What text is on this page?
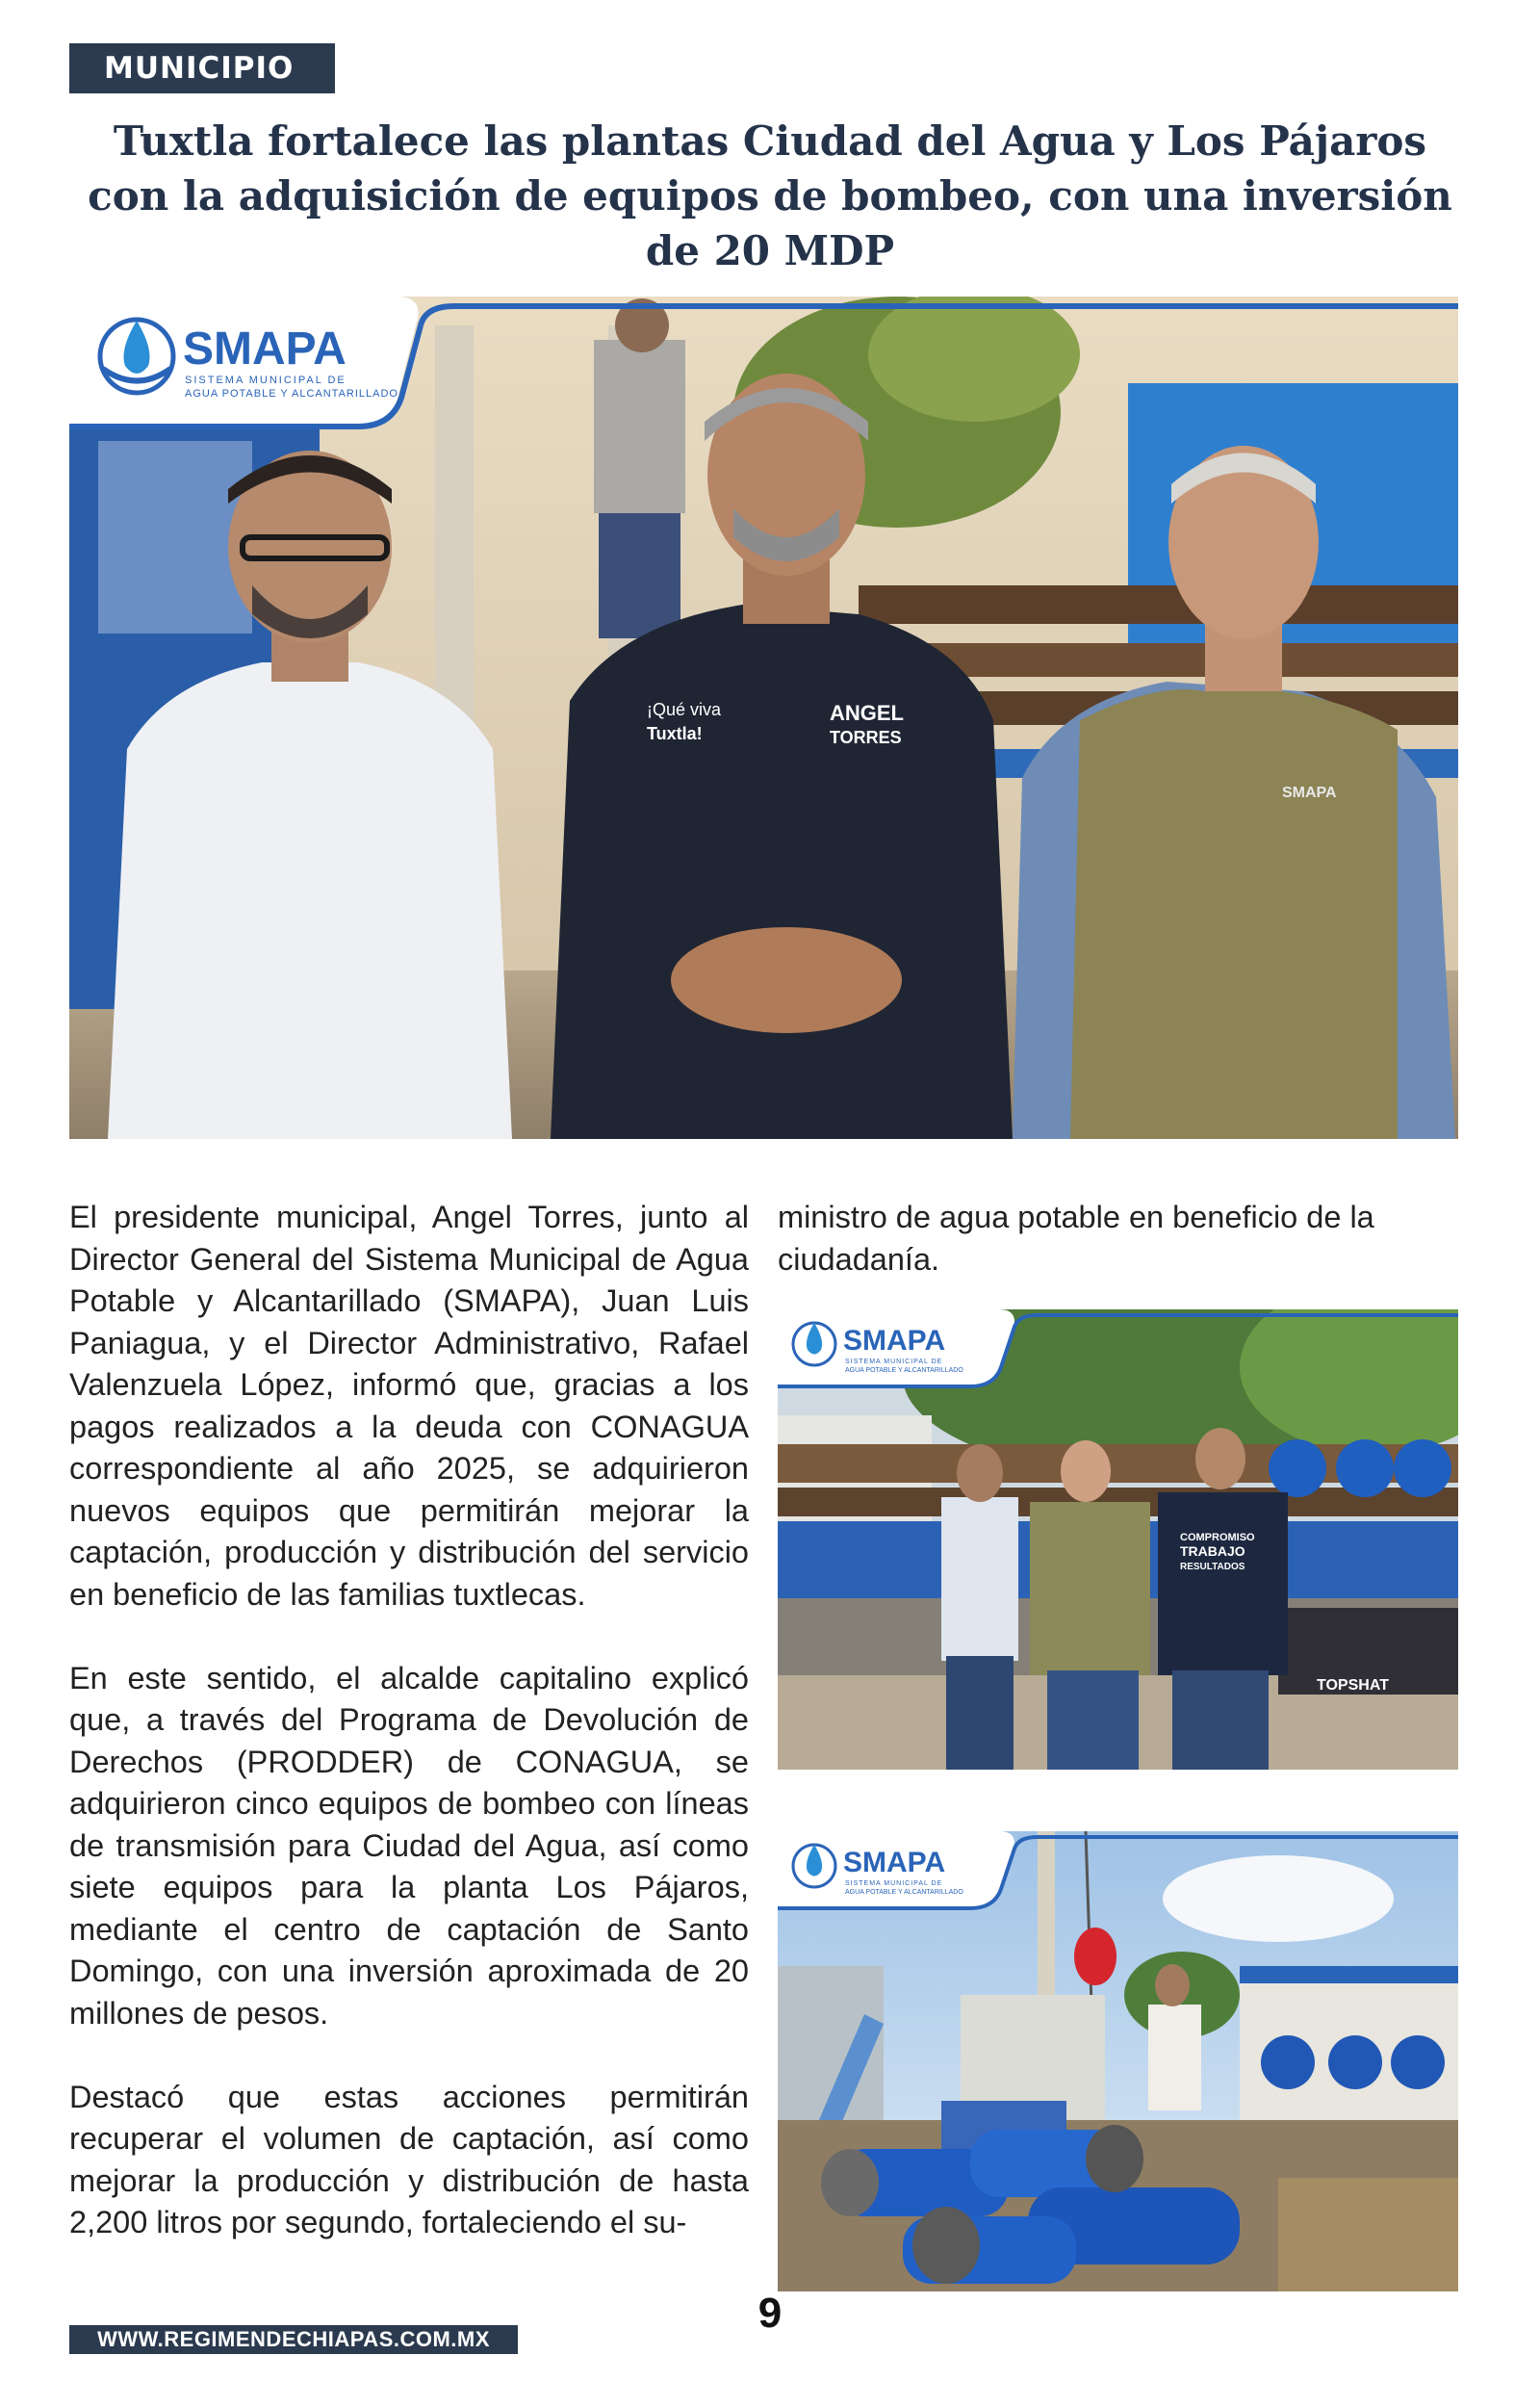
MUNICIPIO
Tuxtla fortalece las plantas Ciudad del Agua y Los Pájaros con la adquisición de equipos de bombeo, con una inversión de 20 MDP
¡Qué viva
Tuxtla!
ANGEL
TORRES
SMAPA
SMAPA
SISTEMA MUNICIPAL DE
AGUA POTABLE Y ALCANTARILLADO
TOPSHAT
COMPROMISO
TRABAJO
RESULTADOS
SMAPA
SISTEMA MUNICIPAL DE
AGUA POTABLE Y ALCANTARILLADO
SMAPA
SISTEMA MUNICIPAL DE
AGUA POTABLE Y ALCANTARILLADO

El presidente municipal, Angel Torres, junto al Director General del Sistema Municipal de Agua Potable y Alcantarillado (SMAPA), Juan Luis Paniagua, y el Director Administrativo, Rafael Valenzuela López, informó que, gracias a los pagos realizados a la deuda con CONAGUA correspondiente al año 2025, se adquirieron nuevos equipos que permitirán mejorar la captación, producción y distribución del servicio en beneficio de las familias tuxtlecas.

En este sentido, el alcalde capitalino explicó que, a través del Programa de Devolución de Derechos (PRODDER) de CONAGUA, se adquirieron cinco equipos de bombeo con líneas de transmisión para Ciudad del Agua, así como siete equipos para la planta Los Pájaros, mediante el centro de captación de Santo Domingo, con una inversión aproximada de 20 millones de pesos.

Destacó que estas acciones permitirán recuperar el volumen de captación, así como mejorar la producción y distribución de hasta 2,200 litros por segundo, fortaleciendo el su-

ministro de agua potable en beneficio de la ciudadanía.

WWW.REGIMENDECHIAPAS.COM.MX
9
